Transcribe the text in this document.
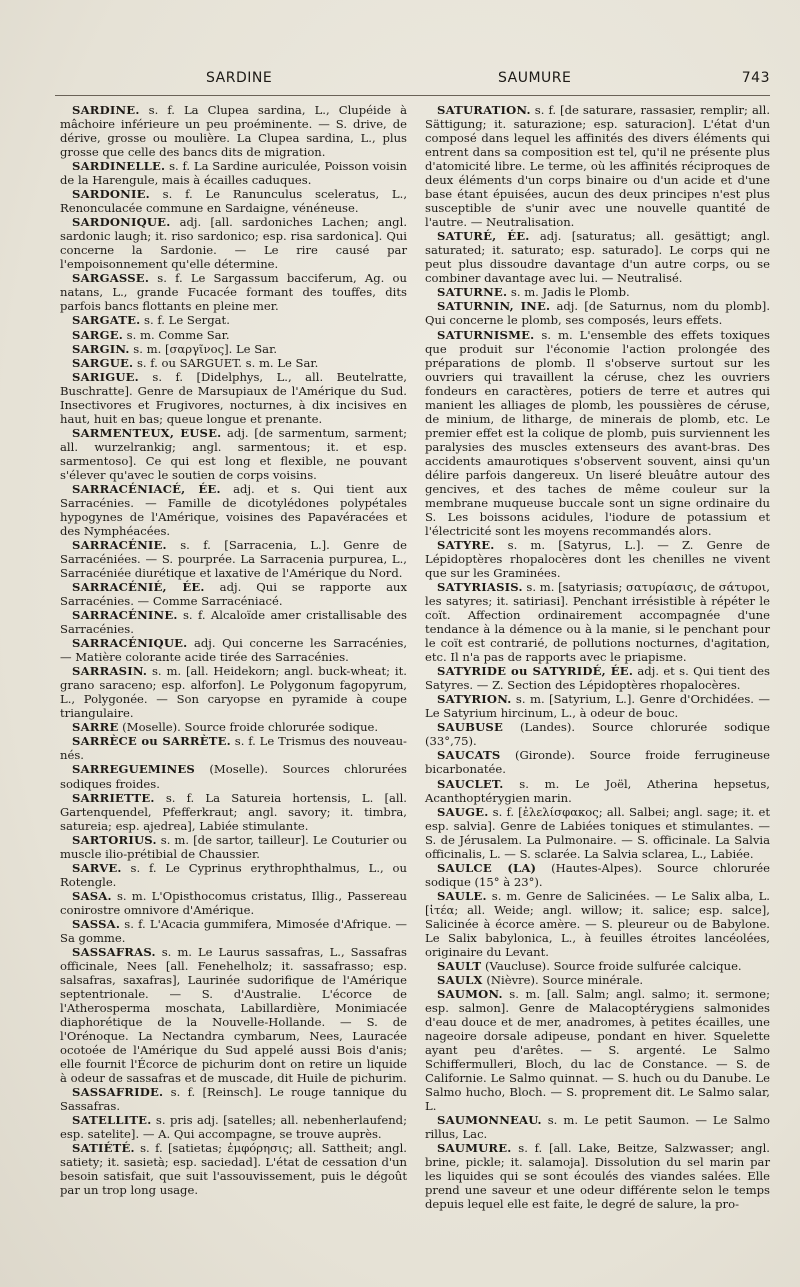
SARDINE	SAUMURE	743

SARDINE. s. f. La Clupea sardina, L., Clupéide à mâchoire inférieure un peu proéminente. — S. drive, de dérive, grosse ou moulière. La Clupea sardina, L., plus grosse que celle des bancs dits de migration.

SARDINELLE. s. f. La Sardine auriculée, Poisson voisin de la Harengule, mais à écailles caduques.

SARDONIE. s. f. Le Ranunculus sceleratus, L., Renonculacée commune en Sardaigne, vénéneuse.

SARDONIQUE. adj. [all. sardoniches Lachen; angl. sardonic laugh; it. riso sardonico; esp. risa sardonica]. Qui concerne la Sardonie. — Le rire causé par l'empoisonnement qu'elle détermine.

SARGASSE. s. f. Le Sargassum bacciferum, Ag. ou natans, L., grande Fucacée formant des touffes, dits parfois bancs flottants en pleine mer.

SARGATE. s. f. Le Sergat.

SARGE. s. m. Comme Sar.

SARGIN. s. m. [σαργῖνος]. Le Sar.

SARGUE. s. f. ou SARGUET. s. m. Le Sar.

SARIGUE. s. f. [Didelphys, L., all. Beutelratte, Buschratte]. Genre de Marsupiaux de l'Amérique du Sud. Insectivores et Frugivores, nocturnes, à dix incisives en haut, huit en bas; queue longue et prenante.

SARMENTEUX, EUSE. adj. [de sarmentum, sarment; all. wurzelrankig; angl. sarmentous; it. et esp. sarmentoso]. Ce qui est long et flexible, ne pouvant s'élever qu'avec le soutien de corps voisins.

SARRACÉNIACÉ, ÉE. adj. et s. Qui tient aux Sarracénies. — Famille de dicotylédones polypétales hypogynes de l'Amérique, voisines des Papavéracées et des Nymphéacées.

SARRACÉNIE. s. f. [Sarracenia, L.]. Genre de Sarracéniées. — S. pourprée. La Sarracenia purpurea, L., Sarracéniée diurétique et laxative de l'Amérique du Nord.

SARRACÉNIÉ, ÉE. adj. Qui se rapporte aux Sarracénies. — Comme Sarracéniacé.

SARRACÉNINE. s. f. Alcaloïde amer cristallisable des Sarracénies.

SARRACÉNIQUE. adj. Qui concerne les Sarracénies, — Matière colorante acide tirée des Sarracénies.

SARRASIN. s. m. [all. Heidekorn; angl. buck-wheat; it. grano saraceno; esp. alforfon]. Le Polygonum fagopyrum, L., Polygonée. — Son caryopse en pyramide à coupe triangulaire.

SARRE (Moselle). Source froide chlorurée sodique.

SARRÈCE ou SARRÈTE. s. f. Le Trismus des nouveau-nés.

SARREGUEMINES (Moselle). Sources chlorurées sodiques froides.

SARRIETTE. s. f. La Satureia hortensis, L. [all. Gartenquendel, Pfefferkraut; angl. savory; it. timbra, satureia; esp. ajedrea], Labiée stimulante.

SARTORIUS. s. m. [de sartor, tailleur]. Le Couturier ou muscle ilio-prétibial de Chaussier.

SARVE. s. f. Le Cyprinus erythrophthalmus, L., ou Rotengle.

SASA. s. m. L'Opisthocomus cristatus, Illig., Passereau conirostre omnivore d'Amérique.

SASSA. s. f. L'Acacia gummifera, Mimosée d'Afrique. — Sa gomme.

SASSAFRAS. s. m. Le Laurus sassafras, L., Sassafras officinale, Nees [all. Fenehelholz; it. sassafrasso; esp. salsafras, saxafras], Laurinée sudorifique de l'Amérique septentrionale. — S. d'Australie. L'écorce de l'Atherosperma moschata, Labillardière, Monimiacée diaphorétique de la Nouvelle-Hollande. — S. de l'Orénoque. La Nectandra cymbarum, Nees, Lauracée ocotoée de l'Amérique du Sud appelé aussi Bois d'anis; elle fournit l'Écorce de pichurim dont on retire un liquide à odeur de sassafras et de muscade, dit Huile de pichurim.

SASSAFRIDE. s. f. [Reinsch]. Le rouge tannique du Sassafras.

SATELLITE. s. pris adj. [satelles; all. nebenherlaufend; esp. satelite]. — A. Qui accompagne, se trouve auprès.

SATIÉTÉ. s. f. [satietas; ἐμφόρησις; all. Sattheit; angl. satiety; it. sasietà; esp. saciedad]. L'état de cessation d'un besoin satisfait, que suit l'assouvissement, puis le dégoût par un trop long usage.

SATURATION. s. f. [de saturare, rassasier, remplir; all. Sättigung; it. saturazione; esp. saturacion]. L'état d'un composé dans lequel les affinités des divers éléments qui entrent dans sa composition est tel, qu'il ne présente plus d'atomicité libre. Le terme, où les affinités réciproques de deux éléments d'un corps binaire ou d'un acide et d'une base étant épuisées, aucun des deux principes n'est plus susceptible de s'unir avec une nouvelle quantité de l'autre. — Neutralisation.

SATURÉ, ÉE. adj. [saturatus; all. gesättigt; angl. saturated; it. saturato; esp. saturado]. Le corps qui ne peut plus dissoudre davantage d'un autre corps, ou se combiner davantage avec lui. — Neutralisé.

SATURNE. s. m. Jadis le Plomb.

SATURNIN, INE. adj. [de Saturnus, nom du plomb]. Qui concerne le plomb, ses composés, leurs effets.

SATURNISME. s. m. L'ensemble des effets toxiques que produit sur l'économie l'action prolongée des préparations de plomb. Il s'observe surtout sur les ouvriers qui travaillent la céruse, chez les ouvriers fondeurs en caractères, potiers de terre et autres qui manient les alliages de plomb, les poussières de céruse, de minium, de litharge, de minerais de plomb, etc. Le premier effet est la colique de plomb, puis surviennent les paralysies des muscles extenseurs des avant-bras. Des accidents amaurotiques s'observent souvent, ainsi qu'un délire parfois dangereux. Un liseré bleuâtre autour des gencives, et des taches de même couleur sur la membrane muqueuse buccale sont un signe ordinaire du S. Les boissons acidules, l'iodure de potassium et l'électricité sont les moyens recommandés alors.

SATYRE. s. m. [Satyrus, L.]. — Z. Genre de Lépidoptères rhopalocères dont les chenilles ne vivent que sur les Graminées.

SATYRIASIS. s. m. [satyriasis; σατυρίασις, de σάτυροι, les satyres; it. satiriasi]. Penchant irrésistible à répéter le coït. Affection ordinairement accompagnée d'une tendance à la démence ou à la manie, si le penchant pour le coït est contrarié, de pollutions nocturnes, d'agitation, etc. Il n'a pas de rapports avec le priapisme.

SATYRIDE ou SATYRIDÉ, ÉE. adj. et s. Qui tient des Satyres. — Z. Section des Lépidoptères rhopalocères.

SATYRION. s. m. [Satyrium, L.]. Genre d'Orchidées. — Le Satyrium hircinum, L., à odeur de bouc.

SAUBUSE (Landes). Source chlorurée sodique (33°,75).

SAUCATS (Gironde). Source froide ferrugineuse bicarbonatée.

SAUCLET. s. m. Le Joël, Atherina hepsetus, Acanthoptérygien marin.

SAUGE. s. f. [ἐλελίσφακος; all. Salbei; angl. sage; it. et esp. salvia]. Genre de Labiées toniques et stimulantes. — S. de Jérusalem. La Pulmonaire. — S. officinale. La Salvia officinalis, L. — S. sclarée. La Salvia sclarea, L., Labiée.

SAULCE (LA) (Hautes-Alpes). Source chlorurée sodique (15° à 23°).

SAULE. s. m. Genre de Salicinées. — Le Salix alba, L. [ἰτέα; all. Weide; angl. willow; it. salice; esp. salce], Salicinée à écorce amère. — S. pleureur ou de Babylone. Le Salix babylonica, L., à feuilles étroites lancéolées, originaire du Levant.

SAULT (Vaucluse). Source froide sulfurée calcique.

SAULX (Nièvre). Source minérale.

SAUMON. s. m. [all. Salm; angl. salmo; it. sermone; esp. salmon]. Genre de Malacoptérygiens salmonides d'eau douce et de mer, anadromes, à petites écailles, une nageoire dorsale adipeuse, pondant en hiver. Squelette ayant peu d'arêtes. — S. argenté. Le Salmo Schiffermulleri, Bloch, du lac de Constance. — S. de Californie. Le Salmo quinnat. — S. huch ou du Danube. Le Salmo hucho, Bloch. — S. proprement dit. Le Salmo salar, L.

SAUMONNEAU. s. m. Le petit Saumon. — Le Salmo rillus, Lac.

SAUMURE. s. f. [all. Lake, Beitze, Salzwasser; angl. brine, pickle; it. salamoja]. Dissolution du sel marin par les liquides qui se sont écoulés des viandes salées. Elle prend une saveur et une odeur différente selon le temps depuis lequel elle est faite, le degré de salure, la pro-
